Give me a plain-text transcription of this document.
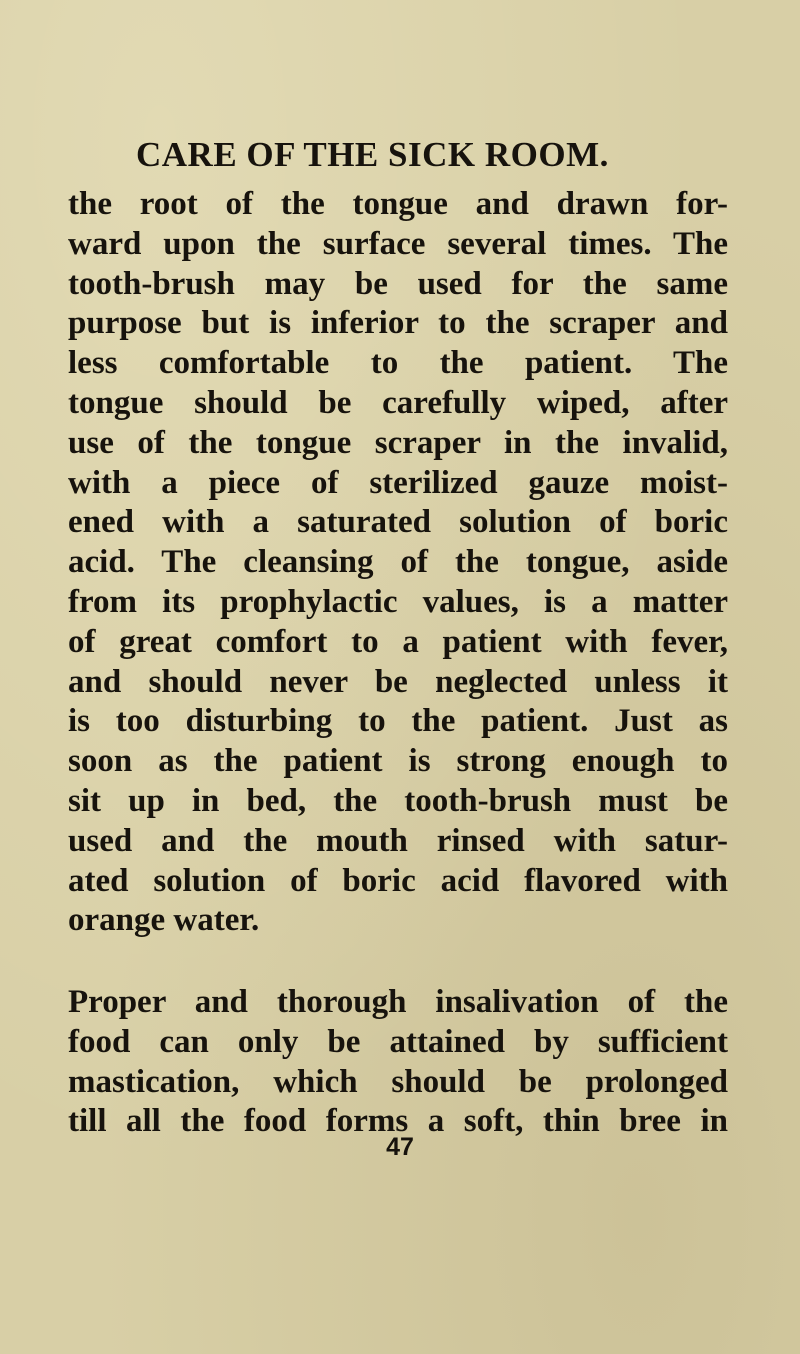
CARE OF THE SICK ROOM.
the root of the tongue and drawn for-
ward upon the surface several times. The
tooth-brush may be used for the same
purpose but is inferior to the scraper and
less comfortable to the patient. The
tongue should be carefully wiped, after
use of the tongue scraper in the invalid,
with a piece of sterilized gauze moist-
ened with a saturated solution of boric
acid. The cleansing of the tongue, aside
from its prophylactic values, is a matter
of great comfort to a patient with fever,
and should never be neglected unless it
is too disturbing to the patient. Just as
soon as the patient is strong enough to
sit up in bed, the tooth-brush must be
used and the mouth rinsed with satur-
ated solution of boric acid flavored with
orange water.
Proper and thorough insalivation of the
food can only be attained by sufficient
mastication, which should be prolonged
till all the food forms a soft, thin bree in
47
